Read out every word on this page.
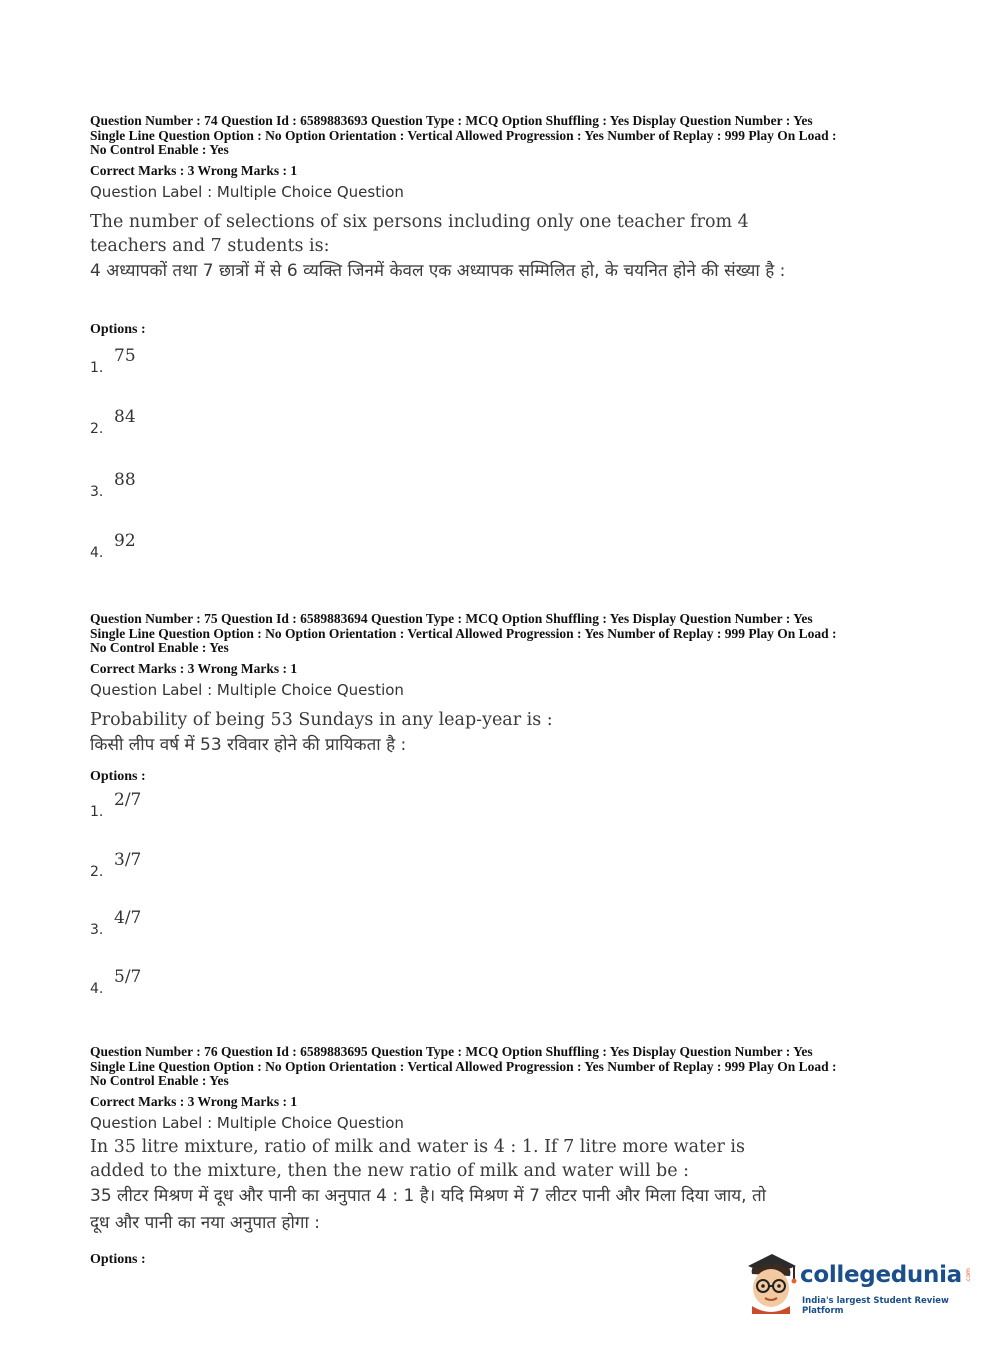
Question Number : 74 Question Id : 6589883693 Question Type : MCQ Option Shuffling : Yes Display Question Number : Yes
Single Line Question Option : No Option Orientation : Vertical Allowed Progression : Yes Number of Replay : 999 Play On Load :
No Control Enable : Yes
Correct Marks : 3 Wrong Marks : 1
Question Label : Multiple Choice Question
The number of selections of six persons including only one teacher from 4 teachers and 7 students is:
4 अध्यापकों तथा 7 छात्रों में से 6 व्यक्ति जिनमें केवल एक अध्यापक सम्मिलित हो, के चयनित होने की संख्या है :
Options :
1.
75
2.
84
3.
88
4.
92
Question Number : 75 Question Id : 6589883694 Question Type : MCQ Option Shuffling : Yes Display Question Number : Yes
Single Line Question Option : No Option Orientation : Vertical Allowed Progression : Yes Number of Replay : 999 Play On Load :
No Control Enable : Yes
Correct Marks : 3 Wrong Marks : 1
Question Label : Multiple Choice Question
Probability of being 53 Sundays in any leap-year is :
किसी लीप वर्ष में 53 रविवार होने की प्रायिकता है :
Options :
1.
2/7
2.
3/7
3.
4/7
4.
5/7
Question Number : 76 Question Id : 6589883695 Question Type : MCQ Option Shuffling : Yes Display Question Number : Yes
Single Line Question Option : No Option Orientation : Vertical Allowed Progression : Yes Number of Replay : 999 Play On Load :
No Control Enable : Yes
Correct Marks : 3 Wrong Marks : 1
Question Label : Multiple Choice Question
In 35 litre mixture, ratio of milk and water is 4 : 1. If 7 litre more water is added to the mixture, then the new ratio of milk and water will be :
35 लीटर मिश्रण में दूध और पानी का अनुपात 4 : 1 है। यदि मिश्रण में 7 लीटर पानी और मिला दिया जाय, तो दूध और पानी का नया अनुपात होगा :
Options :
collegedunia .com
India's largest Student Review Platform
